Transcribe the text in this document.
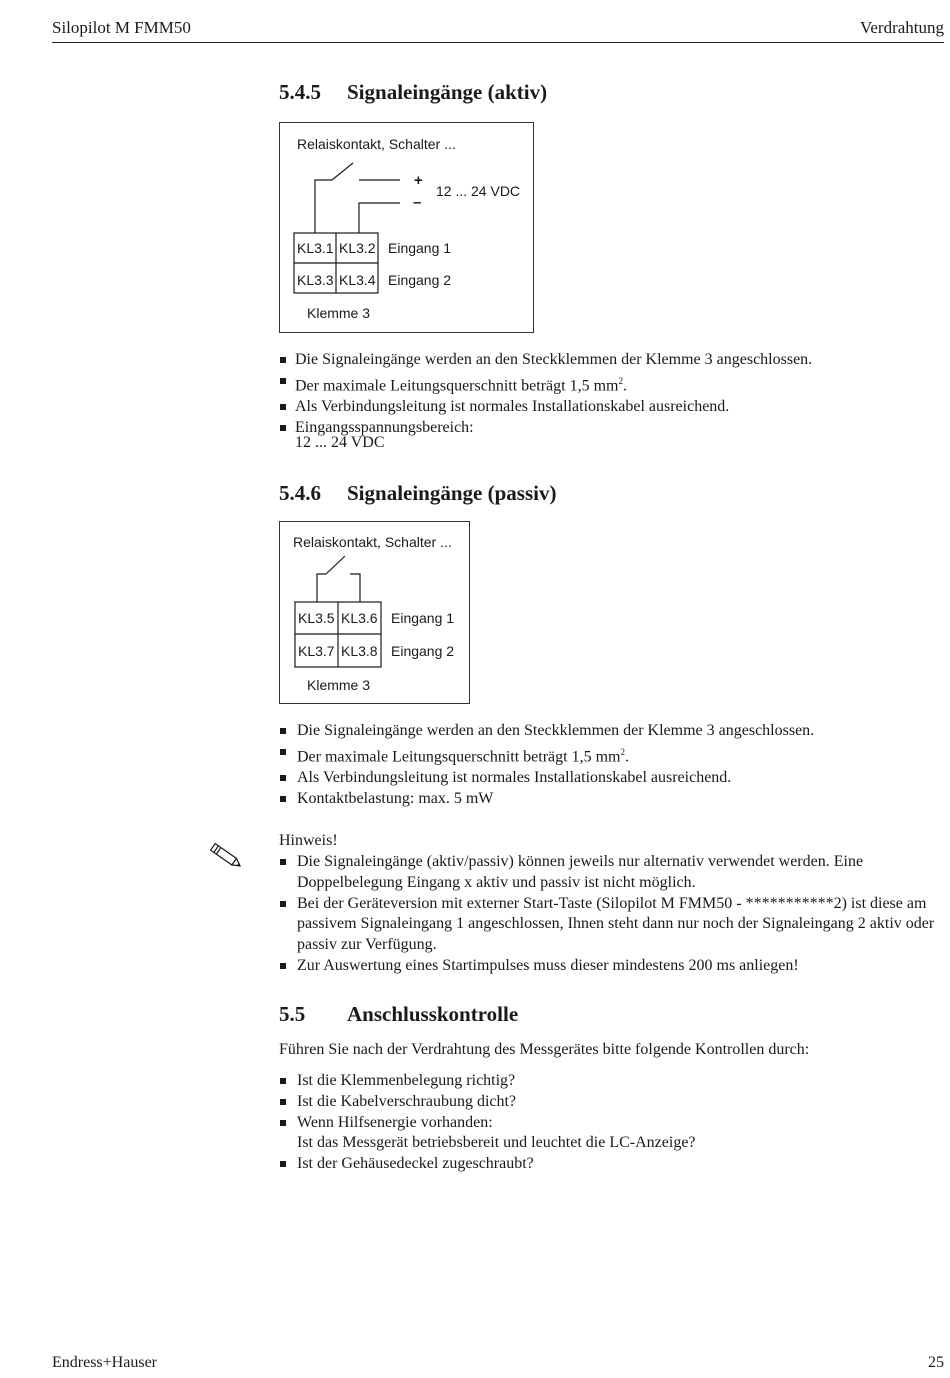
Silopilot M FMM50	Verdrahtung
5.4.5 Signaleingänge (aktiv)
Relaiskontakt, Schalter ...
+
–
12 ... 24 VDC
KL3.1 KL3.2
KL3.3 KL3.4
Eingang 1
Eingang 2
Klemme 3
Die Signaleingänge werden an den Steckklemmen der Klemme 3 angeschlossen.
Der maximale Leitungsquerschnitt beträgt 1,5 $mm^2$.
Als Verbindungsleitung ist normales Installationskabel ausreichend.
Eingangsspannungsbereich:
12 ... 24 VDC
5.4.6 Signaleingänge (passiv)
Relaiskontakt, Schalter ...
KL3.5 KL3.6
KL3.7 KL3.8
Eingang 1
Eingang 2
Klemme 3
Die Signaleingänge werden an den Steckklemmen der Klemme 3 angeschlossen.
Der maximale Leitungsquerschnitt beträgt 1,5 $mm^2$.
Als Verbindungsleitung ist normales Installationskabel ausreichend.
Kontaktbelastung: max. 5 mW
Hinweis!
Die Signaleingänge (aktiv/passiv) können jeweils nur alternativ verwendet werden. Eine Doppelbelegung Eingang x aktiv und passiv ist nicht möglich.
Bei der Geräteversion mit externer Start-Taste (Silopilot M FMM50 - ***********2) ist diese am passivem Signaleingang 1 angeschlossen, Ihnen steht dann nur noch der Signaleingang 2 aktiv oder passiv zur Verfügung.
Zur Auswertung eines Startimpulses muss dieser mindestens 200 ms anliegen!
5.5 Anschlusskontrolle
Führen Sie nach der Verdrahtung des Messgerätes bitte folgende Kontrollen durch:
Ist die Klemmenbelegung richtig?
Ist die Kabelverschraubung dicht?
Wenn Hilfsenergie vorhanden:
Ist das Messgerät betriebsbereit und leuchtet die LC-Anzeige?
Ist der Gehäusedeckel zugeschraubt?
Endress+Hauser	25
